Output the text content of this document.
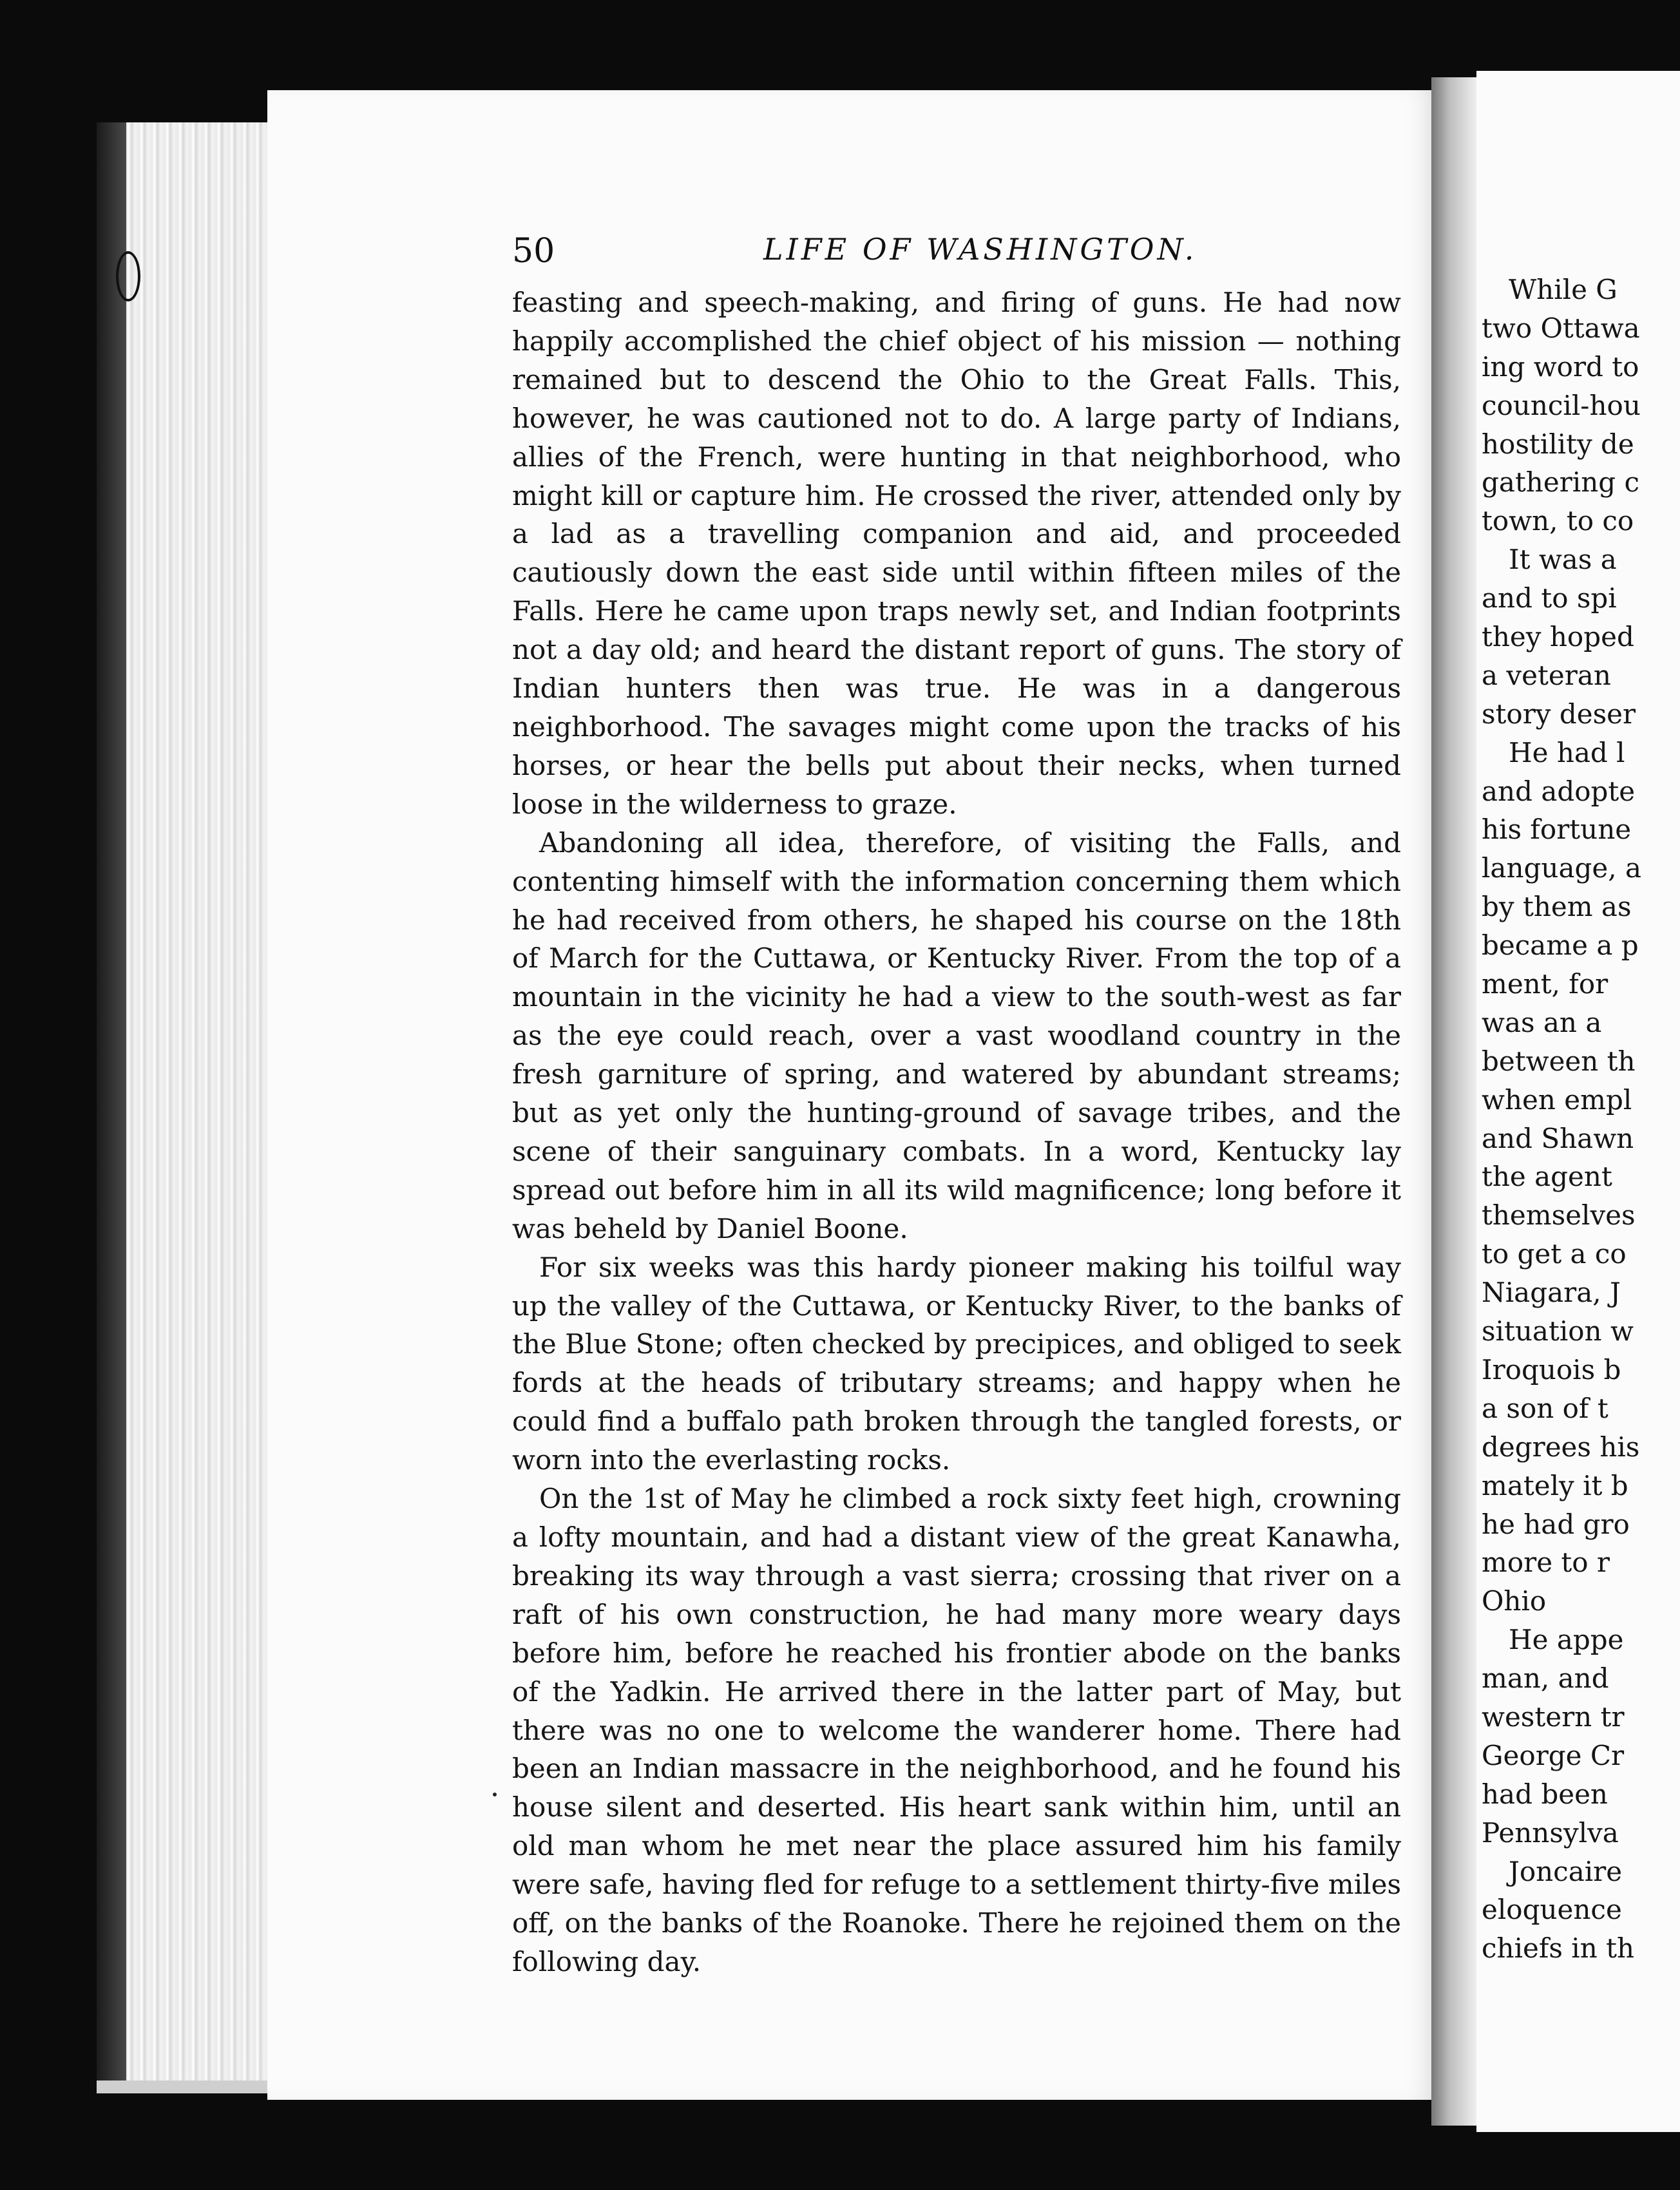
50	LIFE OF WASHINGTON.

feasting and speech-making, and firing of guns. He had now happily accomplished the chief object of his mission — nothing remained but to descend the Ohio to the Great Falls. This, however, he was cautioned not to do. A large party of Indians, allies of the French, were hunting in that neighborhood, who might kill or capture him. He crossed the river, attended only by a lad as a travelling companion and aid, and proceeded cautiously down the east side until within fifteen miles of the Falls. Here he came upon traps newly set, and Indian footprints not a day old; and heard the distant report of guns. The story of Indian hunters then was true. He was in a dangerous neighborhood. The savages might come upon the tracks of his horses, or hear the bells put about their necks, when turned loose in the wilderness to graze.

Abandoning all idea, therefore, of visiting the Falls, and contenting himself with the information concerning them which he had received from others, he shaped his course on the 18th of March for the Cuttawa, or Kentucky River. From the top of a mountain in the vicinity he had a view to the south-west as far as the eye could reach, over a vast woodland country in the fresh garniture of spring, and watered by abundant streams; but as yet only the hunting-ground of savage tribes, and the scene of their sanguinary combats. In a word, Kentucky lay spread out before him in all its wild magnificence; long before it was beheld by Daniel Boone.

For six weeks was this hardy pioneer making his toilful way up the valley of the Cuttawa, or Kentucky River, to the banks of the Blue Stone; often checked by precipices, and obliged to seek fords at the heads of tributary streams; and happy when he could find a buffalo path broken through the tangled forests, or worn into the everlasting rocks.

On the 1st of May he climbed a rock sixty feet high, crowning a lofty mountain, and had a distant view of the great Kanawha, breaking its way through a vast sierra; crossing that river on a raft of his own construction, he had many more weary days before him, before he reached his frontier abode on the banks of the Yadkin. He arrived there in the latter part of May, but there was no one to welcome the wanderer home. There had been an Indian massacre in the neighborhood, and he found his house silent and deserted. His heart sank within him, until an old man whom he met near the place assured him his family were safe, having fled for refuge to a settlement thirty-five miles off, on the banks of the Roanoke. There he rejoined them on the following day.

While G
two Ottawa
ing word to
council-hou
hostility de
gathering c
town, to co
It was a
and to spi
they hoped
a veteran
story deser
He had l
and adopte
his fortune
language, a
by them as
became a p
ment, for
was an a
between th
when empl
and Shawn
the agent
themselves
to get a co
Niagara, J
situation w
Iroquois b
a son of t
degrees his
mately it b
he had gro
more to r
Ohio
He appe
man, and
western tr
George Cr
had been
Pennsylva
Joncaire
eloquence
chiefs in th
